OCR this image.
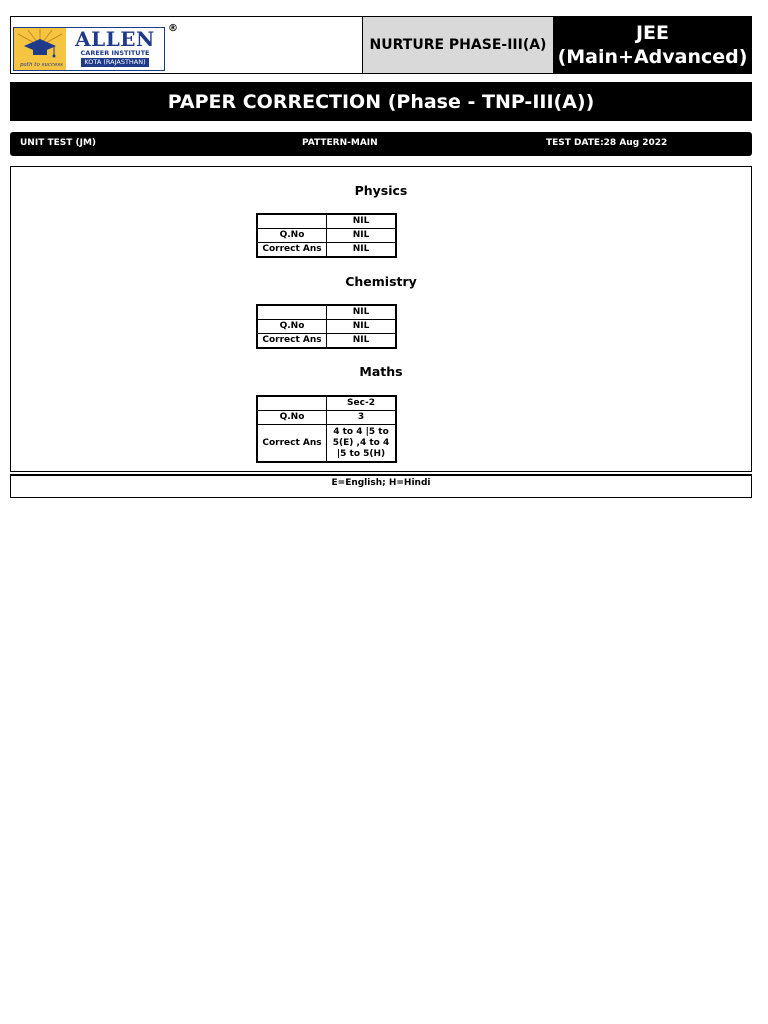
path to success
ALLEN
CAREER INSTITUTE
KOTA (RAJASTHAN)
®
NURTURE PHASE-III(A)
JEE
(Main+Advanced)
PAPER CORRECTION (Phase - TNP-III(A))
UNIT TEST (JM)	PATTERN-MAIN	TEST DATE:28 Aug 2022
Physics
	NIL
Q.No	NIL
Correct Ans	NIL
Chemistry
	NIL
Q.No	NIL
Correct Ans	NIL
Maths
	Sec-2
Q.No	3
Correct Ans	4 to 4 |5 to
5(E) ,4 to 4
|5 to 5(H)
E=English; H=Hindi
